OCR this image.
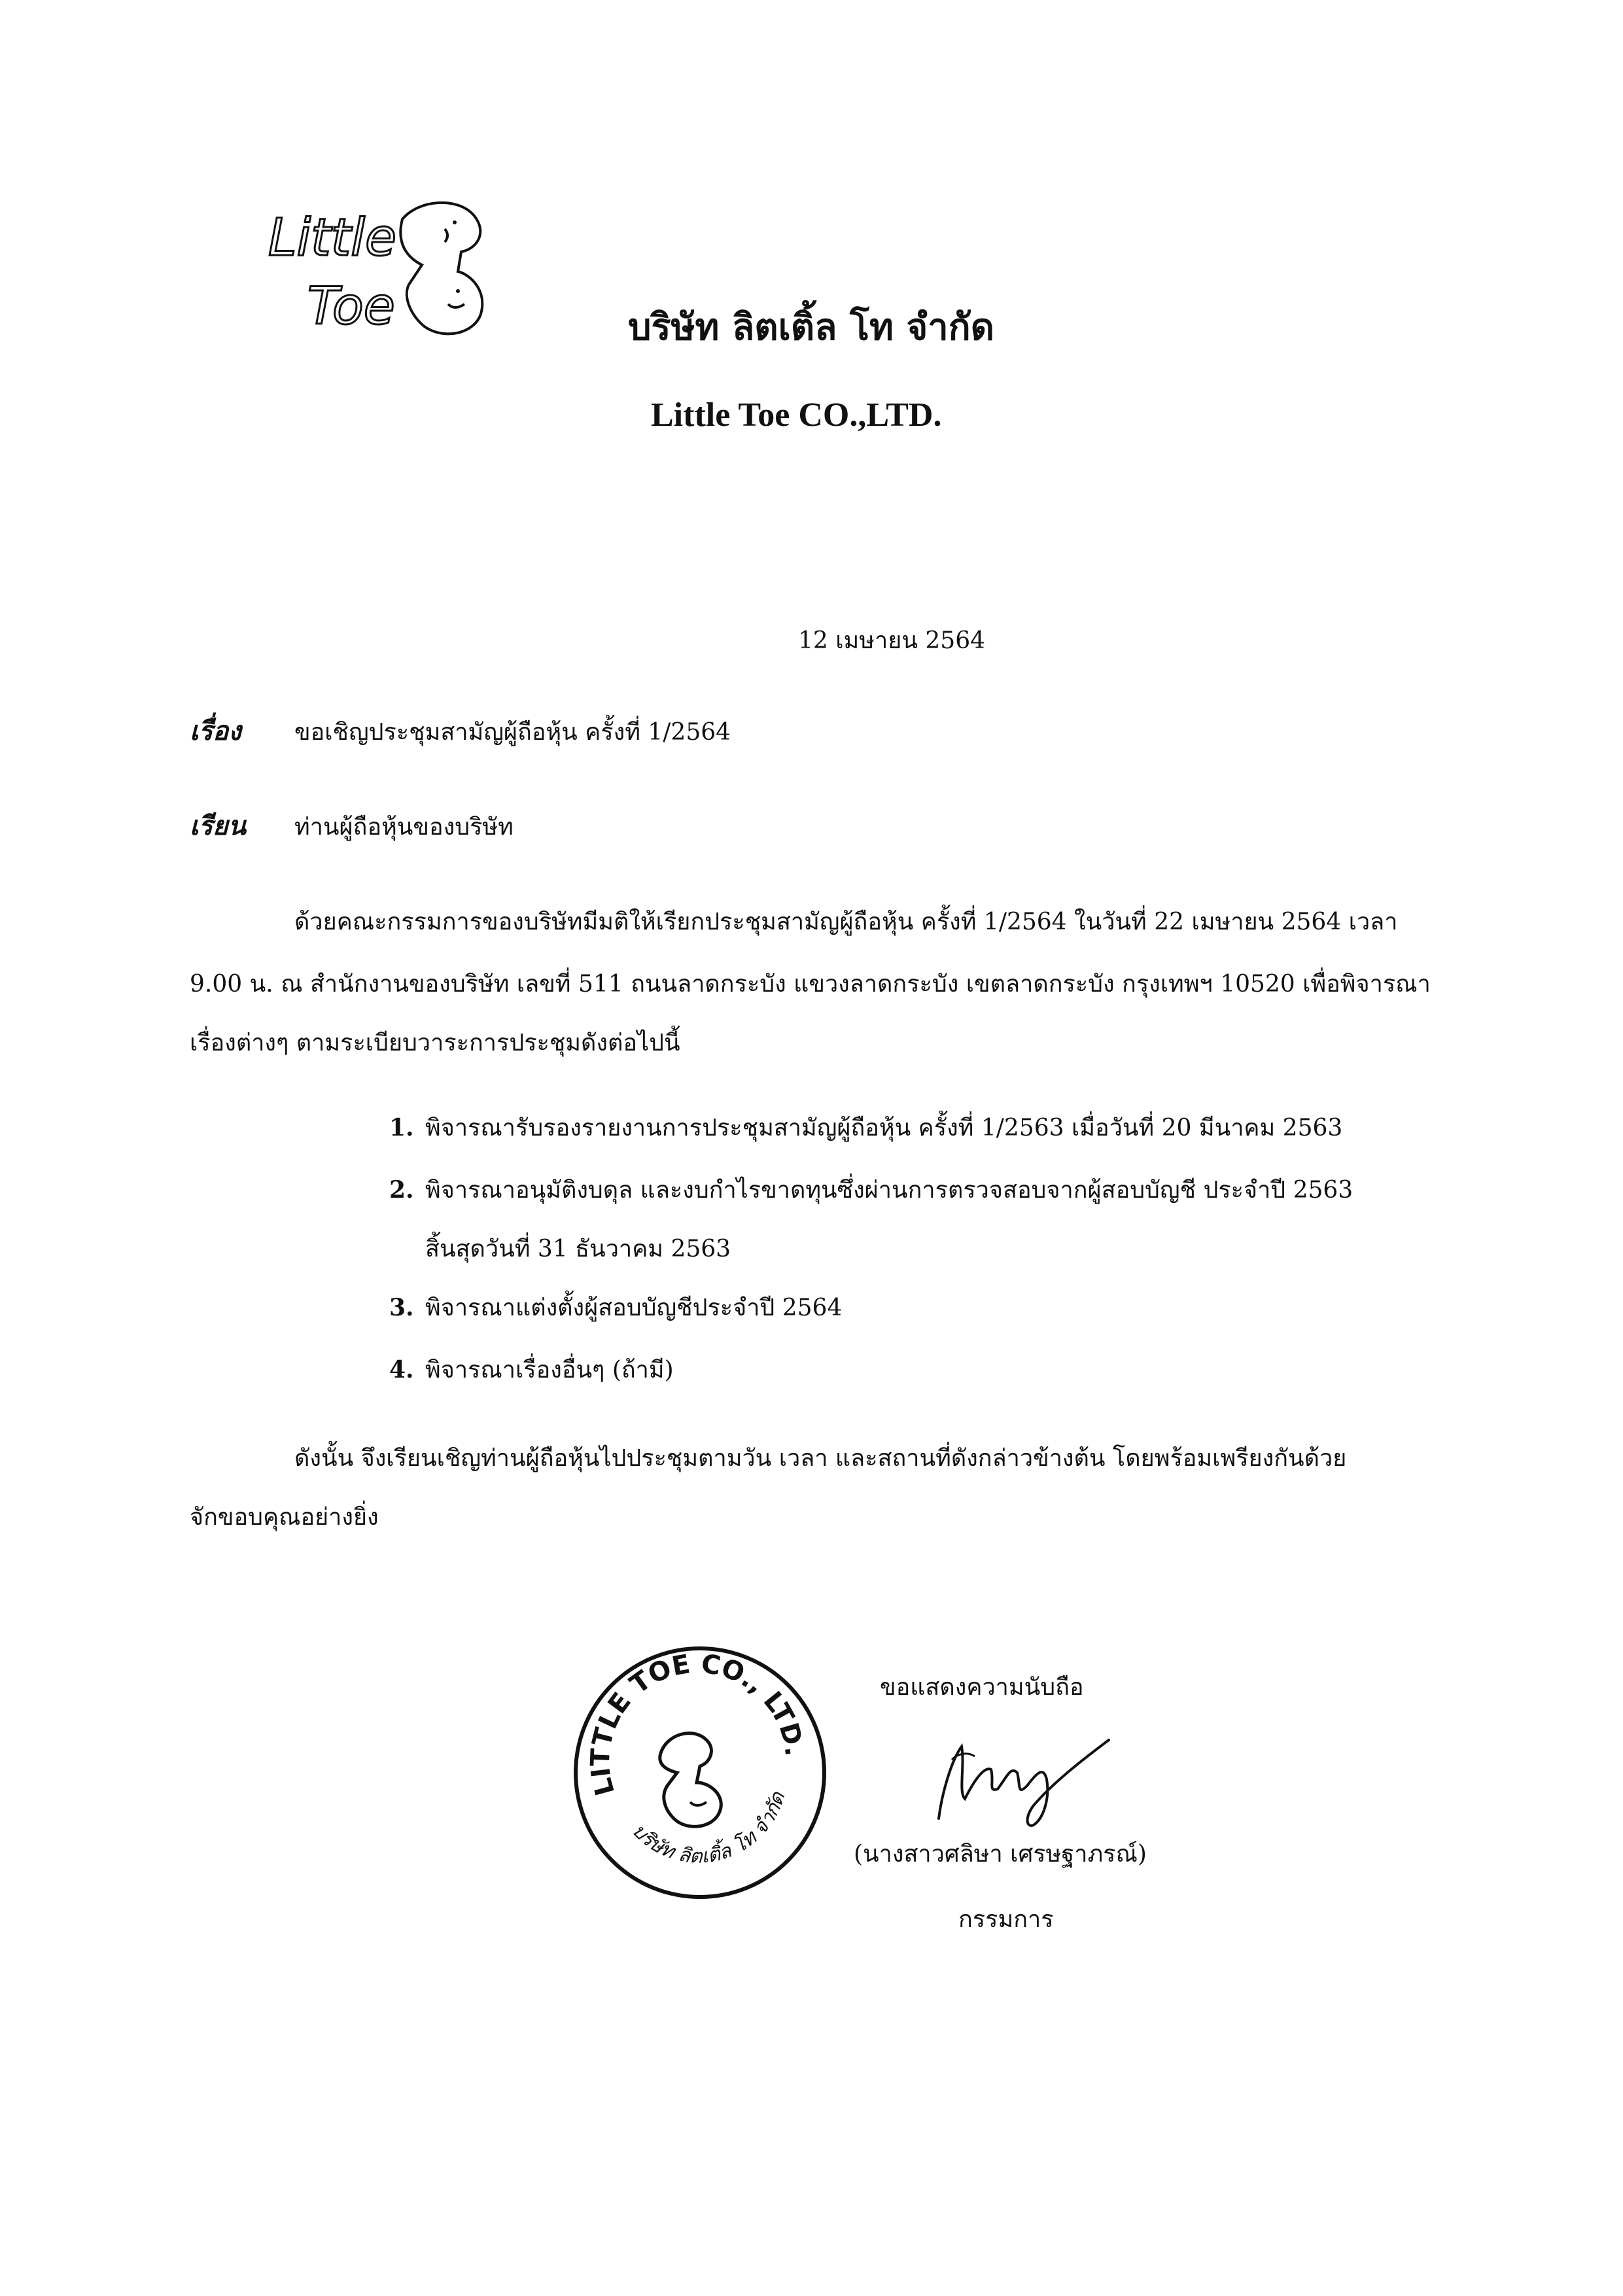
Little
Toe	บริษัท ลิตเติ้ล โท จำกัด
Little Toe CO.,LTD.
12 เมษายน 2564
เรื่อง ขอเชิญประชุมสามัญผู้ถือหุ้น ครั้งที่ 1/2564
เรียน ท่านผู้ถือหุ้นของบริษัท
ด้วยคณะกรรมการของบริษัทมีมติให้เรียกประชุมสามัญผู้ถือหุ้น ครั้งที่ 1/2564 ในวันที่ 22 เมษายน 2564 เวลา
9.00 น. ณ สำนักงานของบริษัท เลขที่ 511 ถนนลาดกระบัง แขวงลาดกระบัง เขตลาดกระบัง กรุงเทพฯ 10520 เพื่อพิจารณา
เรื่องต่างๆ ตามระเบียบวาระการประชุมดังต่อไปนี้
1. พิจารณารับรองรายงานการประชุมสามัญผู้ถือหุ้น ครั้งที่ 1/2563 เมื่อวันที่ 20 มีนาคม 2563
2. พิจารณาอนุมัติงบดุล และงบกำไรขาดทุนซึ่งผ่านการตรวจสอบจากผู้สอบบัญชี ประจำปี 2563
สิ้นสุดวันที่ 31 ธันวาคม 2563
3. พิจารณาแต่งตั้งผู้สอบบัญชีประจำปี 2564
4. พิจารณาเรื่องอื่นๆ (ถ้ามี)
ดังนั้น จึงเรียนเชิญท่านผู้ถือหุ้นไปประชุมตามวัน เวลา และสถานที่ดังกล่าวข้างต้น โดยพร้อมเพรียงกันด้วย
จักขอบคุณอย่างยิ่ง
LITTLE TOE CO., LTD.
บริษัท ลิตเติ้ล โท จำกัด
ขอแสดงความนับถือ
(นางสาวศลิษา เศรษฐาภรณ์)
กรรมการ
